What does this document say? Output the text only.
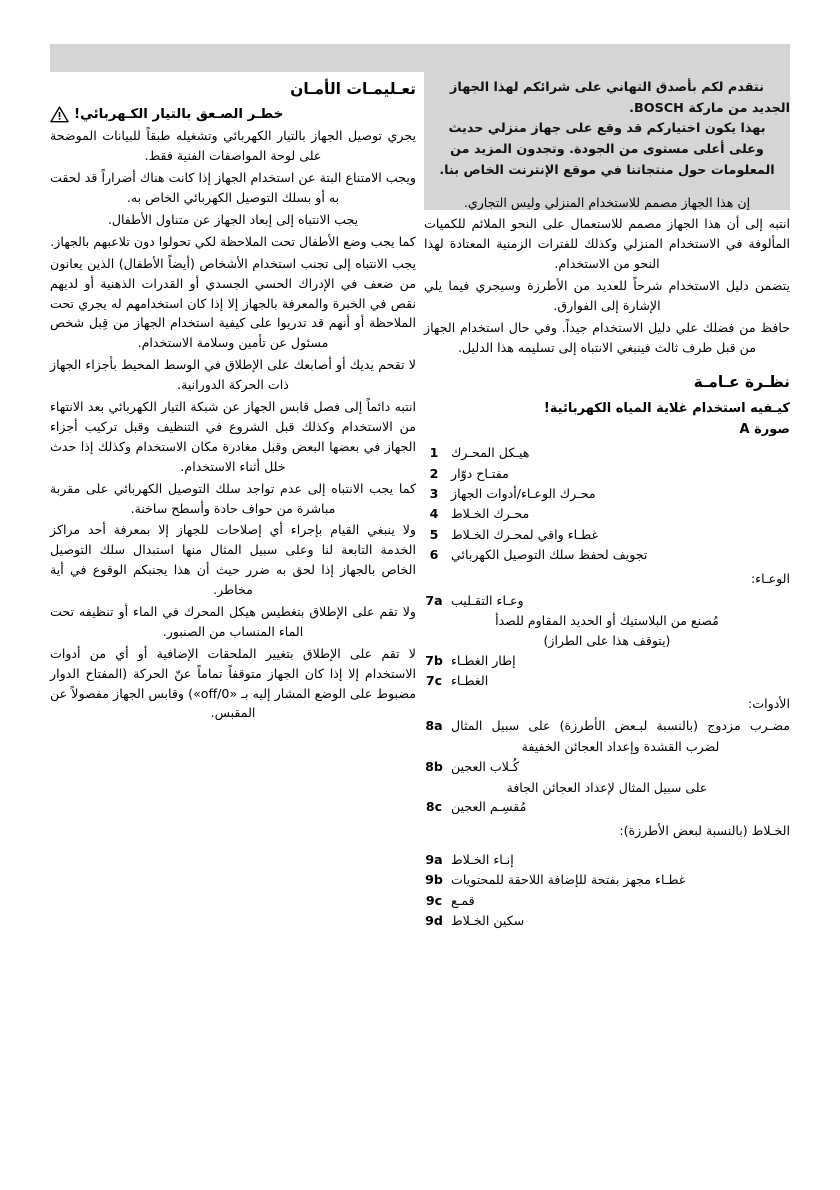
نتقدم لكم بأصدق التهاني على شرائكم لهذا الجهاز

الجديد من ماركة BOSCH.

بهذا يكون اختياركم قد وقع على جهاز منزلي حديث

وعلى أعلى مستوى من الجودة. وتجدون المزيد من

المعلومات حول منتجاتنا في موقع الإنترنت الخاص بنا.

إن هذا الجهاز مصمم للاستخدام المنزلي وليس التجاري.

انتبه إلى أن هذا الجهاز مصمم للاستعمال على النحو الملائم للكميات المألوفة في الاستخدام المنزلي وكذلك للفترات الزمنية المعتادة لهذا النحو من الاستخدام.

يتضمن دليل الاستخدام شرحاً للعديد من الأطرزة وسيجري فيما يلي الإشارة إلى الفوارق.

حافظ من فضلك علي دليل الاستخدام جيداً. وفي حال استخدام الجهاز من قبل طرف ثالث فينبغي الانتباه إلى تسليمه هذا الدليل.

نظـرة عـامـة
كيـفيه استخدام غلاية المياه الكهربائية!
صورة A
1	هيـكل المحـرك
2	مفتـاح دوّار
3	محـرك الوعـاء/أدوات الجهاز
4	محـرك الخـلاط
5	غطـاء واقي لمحـرك الخـلاط
6	تجويف لحفظ سلك التوصيل الكهربائي
الوعـاء:
7a وعـاء التقـليب

مُصنع من البلاستيك أو الحديد المقاوم للصدأ

(يتوقف هذا على الطراز)

7b إطار الغطـاء
7c الغطـاء
الأدوات:
8a مضـرب مزدوج (بالنسبة لبـعض الأطرزة) على سبيل المثال لضرب القشدة وإعداد العجائن الخفيفة
8b كُـلاب العجين

على سبيل المثال لإعداد العجائن الجافة

8c مُقسِـم العجين
الخـلاط (بالنسبة لبعض الأطرزة):
9a إنـاء الخـلاط
9b غطـاء مجهز بفتحة للإضافة اللاحقة للمحتويات
9c قمـع
9d سكين الخـلاط
تعـليمـات الأمـان
خطـر الصـعق بالتيار الكـهربائي!

يجري توصيل الجهاز بالتيار الكهربائي وتشغيله طبقاً للبيانات الموضحة على لوحة المواصفات الفنية فقط.

ويجب الامتناع البتة عن استخدام الجهاز إذا كانت هناك أضراراً قد لحقت به أو بسلك التوصيل الكهربائي الخاص به.

يجب الانتباه إلى إبعاد الجهاز عن متناول الأطفال.

كما يجب وضع الأطفال تحت الملاحظة لكي تحولوا دون تلاعبهم بالجهاز.

يجب الانتباه إلى تجنب استخدام الأشخاص (أيضاً الأطفال) الذين يعانون من ضعف في الإدراك الحسي الجسدي أو القدرات الذهنية أو لديهم نقص في الخبرة والمعرفة بالجهاز إلا إذا كان استخدامهم له يجري تحت الملاحظة أو أنهم قد تدريوا على كيفية استخدام الجهاز من قِبل شخص مسئول عن تأمين وسلامة الاستخدام.

لا تقحم يديك أو أصابعك على الإطلاق في الوسط المحيط بأجزاء الجهاز ذات الحركة الدورانية.

انتبه دائماً إلى فصل قابس الجهاز عن شبكة التيار الكهربائي بعد الانتهاء من الاستخدام وكذلك قبل الشروع في التنظيف وقبل تركيب أجزاء الجهاز في بعضها البعض وقبل مغادرة مكان الاستخدام وكذلك إذا حدث خلل أثناء الاستخدام.

كما يجب الانتباه إلى عدم تواجد سلك التوصيل الكهربائي على مقربة مباشرة من حواف حادة وأسطح ساخنة.

ولا ينبغي القيام بإجراء أي إصلاحات للجهاز إلا بمعرفة أحد مراكز الخدمة التابعة لنا وعلى سبيل المثال منها استبدال سلك التوصيل الخاص بالجهاز إذا لحق به ضرر حيث أن هذا يجنبكم الوقوع في أية مخاطر.

ولا تقم على الإطلاق بتغطيس هيكل المحرك في الماء أو تنظيفه تحت الماء المنساب من الصنبور.

لا تقم على الإطلاق بتغيير الملحقات الإضافية أو أي من أدوات الاستخدام إلا إذا كان الجهاز متوقفاً تماماً عنّ الحركة (المفتاح الدوار مضبوط على الوضع المشار إليه بـ «0/off») وقابس الجهاز مفصولاً عن المقبس.
